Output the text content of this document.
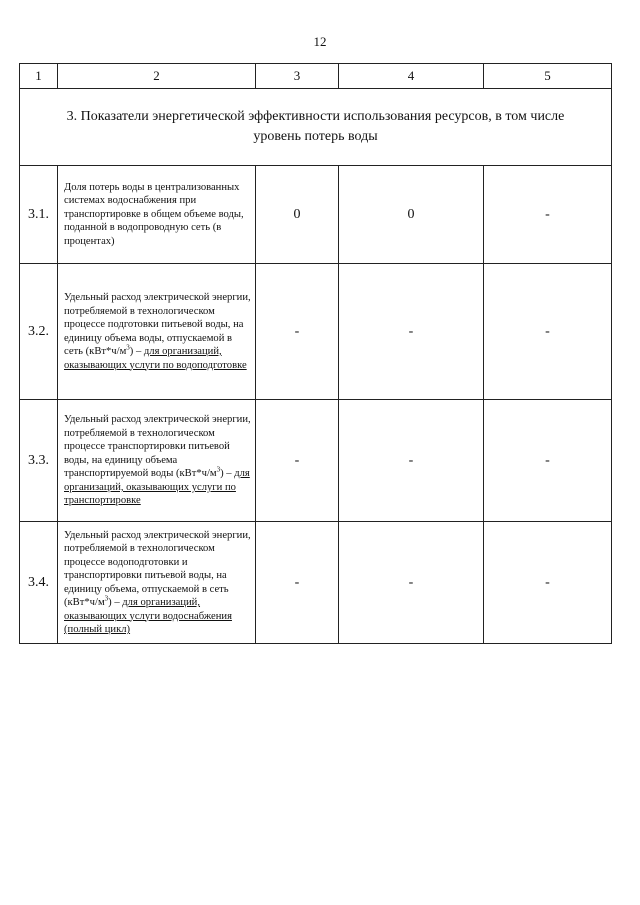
12
1	2	3	4	5

3. Показатели энергетической эффективности использования ресурсов, в том числе
уровень потерь воды				

3.1.	Доля потерь воды в централизованных системах водоснабжения при транспортировке в общем объеме воды, поданной в водопроводную сеть (в процентах)	0	0	-
3.2.	Удельный расход электрической энергии, потребляемой в технологическом процессе подготовки питьевой воды, на единицу объема воды, отпускаемой в сеть $(кВт*ч/м^3)$ – для организаций, оказывающих услуги по водоподготовке	-	-	-
3.3.	Удельный расход электрической энергии, потребляемой в технологическом процессе транспортировки питьевой воды, на единицу объема транспортируемой воды $(кВт*ч/м^3)$ – для организаций, оказывающих услуги по транспортировке	-	-	-
3.4.	Удельный расход электрической энергии, потребляемой в технологическом процессе водоподготовки и транспортировки питьевой воды, на единицу объема, отпускаемой в сеть $(кВт*ч/м^3)$ – для организаций, оказывающих услуги водоснабжения (полный цикл)	-	-	-
